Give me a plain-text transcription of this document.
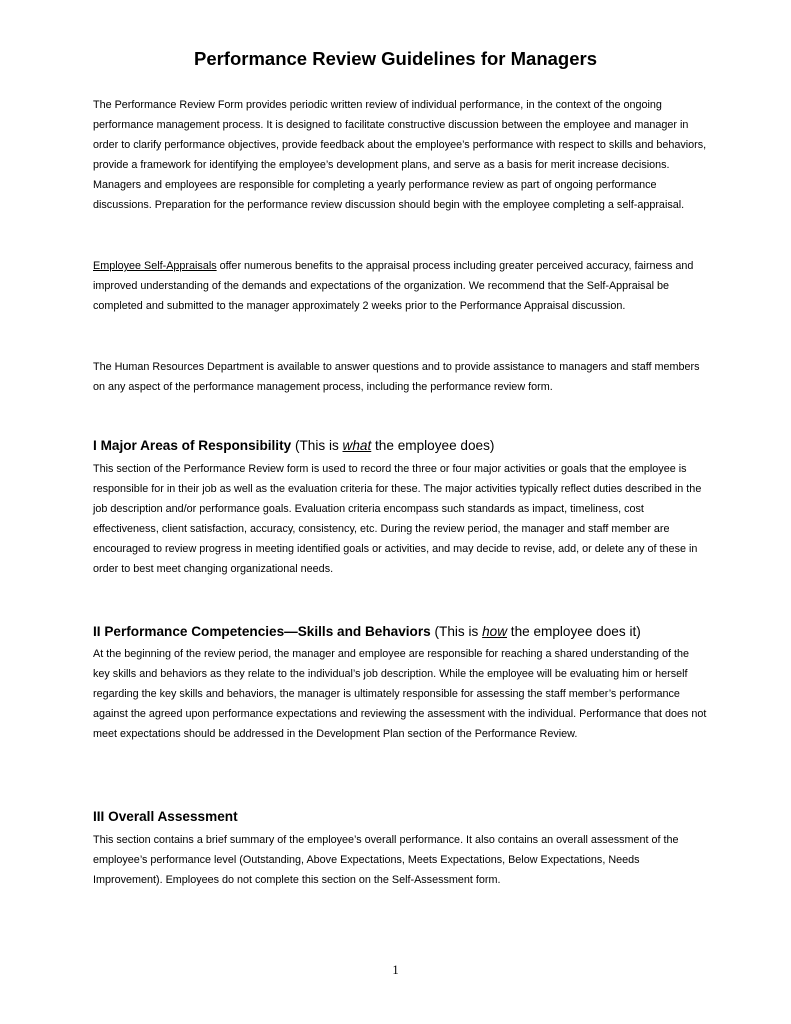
Performance Review Guidelines for Managers

The Performance Review Form provides periodic written review of individual performance, in the context of the ongoing performance management process. It is designed to facilitate constructive discussion between the employee and manager in order to clarify performance objectives, provide feedback about the employee’s performance with respect to skills and behaviors, provide a framework for identifying the employee’s development plans, and serve as a basis for merit increase decisions. Managers and employees are responsible for completing a yearly performance review as part of ongoing performance discussions. Preparation for the performance review discussion should begin with the employee completing a self-appraisal.

Employee Self-Appraisals offer numerous benefits to the appraisal process including greater perceived accuracy, fairness and improved understanding of the demands and expectations of the organization. We recommend that the Self-Appraisal be completed and submitted to the manager approximately 2 weeks prior to the Performance Appraisal discussion.

The Human Resources Department is available to answer questions and to provide assistance to managers and staff members on any aspect of the performance management process, including the performance review form.

I Major Areas of Responsibility (This is what the employee does)

This section of the Performance Review form is used to record the three or four major activities or goals that the employee is responsible for in their job as well as the evaluation criteria for these. The major activities typically reflect duties described in the job description and/or performance goals. Evaluation criteria encompass such standards as impact, timeliness, cost effectiveness, client satisfaction, accuracy, consistency, etc. During the review period, the manager and staff member are encouraged to review progress in meeting identified goals or activities, and may decide to revise, add, or delete any of these in order to best meet changing organizational needs.

II Performance Competencies—Skills and Behaviors (This is how the employee does it)

At the beginning of the review period, the manager and employee are responsible for reaching a shared understanding of the key skills and behaviors as they relate to the individual’s job description. While the employee will be evaluating him or herself regarding the key skills and behaviors, the manager is ultimately responsible for assessing the staff member’s performance against the agreed upon performance expectations and reviewing the assessment with the individual. Performance that does not meet expectations should be addressed in the Development Plan section of the Performance Review.

III Overall Assessment

This section contains a brief summary of the employee’s overall performance. It also contains an overall assessment of the employee’s performance level (Outstanding, Above Expectations, Meets Expectations, Below Expectations, Needs Improvement). Employees do not complete this section on the Self-Assessment form.

1
